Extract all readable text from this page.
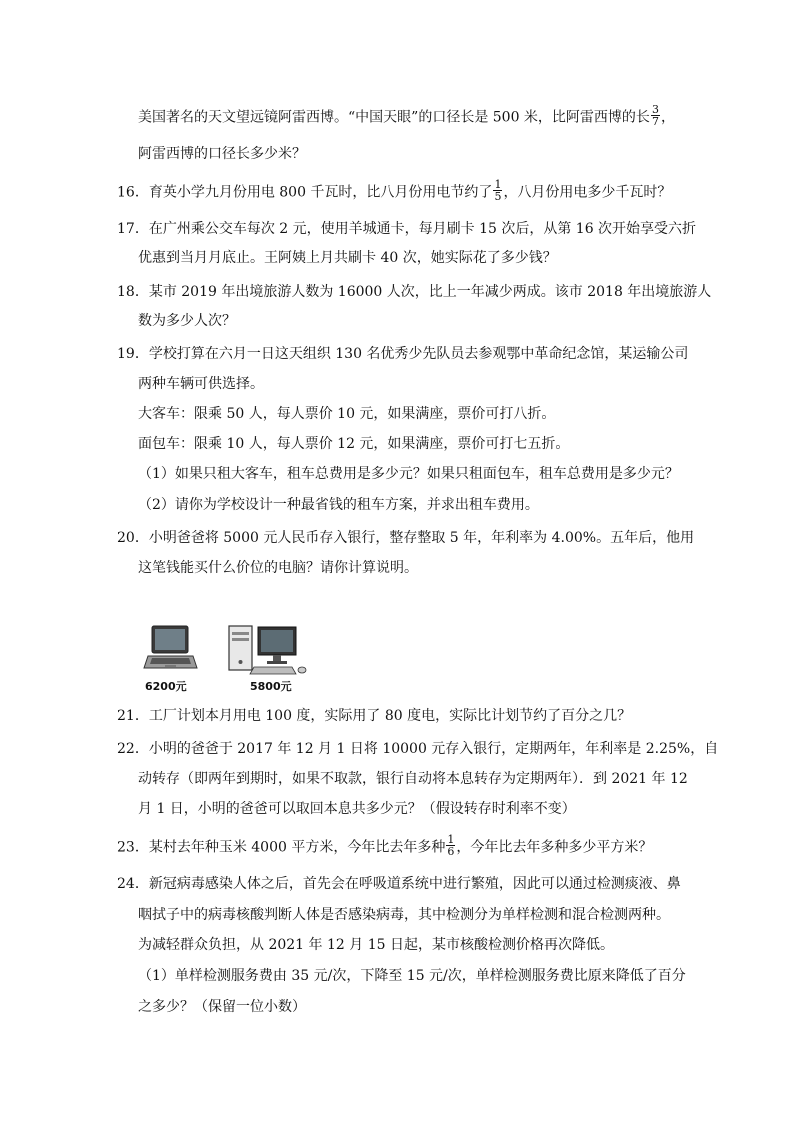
美国著名的天文望远镜阿雷西博。“中国天眼”的口径长是 500 米，比阿雷西博的长 $\frac{3}{7}$ ，
阿雷西博的口径长多少米？
16．育英小学九月份用电 800 千瓦时，比八月份用电节约了 $\frac{1}{5}$ ，八月份用电多少千瓦时？
17．在广州乘公交车每次 2 元，使用羊城通卡，每月刷卡 15 次后，从第 16 次开始享受六折
优惠到当月月底止。王阿姨上月共刷卡 40 次，她实际花了多少钱？
18．某市 2019 年出境旅游人数为 16000 人次，比上一年减少两成。该市 2018 年出境旅游人
数为多少人次？
19．学校打算在六月一日这天组织 130 名优秀少先队员去参观鄂中革命纪念馆，某运输公司
两种车辆可供选择。
大客车：限乘 50 人，每人票价 10 元，如果满座，票价可打八折。
面包车：限乘 10 人，每人票价 12 元，如果满座，票价可打七五折。
（1）如果只租大客车，租车总费用是多少元？如果只租面包车，租车总费用是多少元？
（2）请你为学校设计一种最省钱的租车方案，并求出租车费用。
20．小明爸爸将 5000 元人民币存入银行，整存整取 5 年，年利率为 4.00%。五年后，他用
这笔钱能买什么价位的电脑？请你计算说明。
6200元	5800元
21．工厂计划本月用电 100 度，实际用了 80 度电，实际比计划节约了百分之几？
22．小明的爸爸于 2017 年 12 月 1 日将 10000 元存入银行，定期两年，年利率是 2.25%，自
动转存（即两年到期时，如果不取款，银行自动将本息转存为定期两年）．到 2021 年 12
月 1 日，小明的爸爸可以取回本息共多少元？（假设转存时利率不变）
23．某村去年种玉米 4000 平方米，今年比去年多种 $\frac{1}{6}$ ，今年比去年多种多少平方米？
24．新冠病毒感染人体之后，首先会在呼吸道系统中进行繁殖，因此可以通过检测痰液、鼻
咽拭子中的病毒核酸判断人体是否感染病毒，其中检测分为单样检测和混合检测两种。
为减轻群众负担，从 2021 年 12 月 15 日起，某市核酸检测价格再次降低。
（1）单样检测服务费由 35 元/次，下降至 15 元/次，单样检测服务费比原来降低了百分
之多少？（保留一位小数）
